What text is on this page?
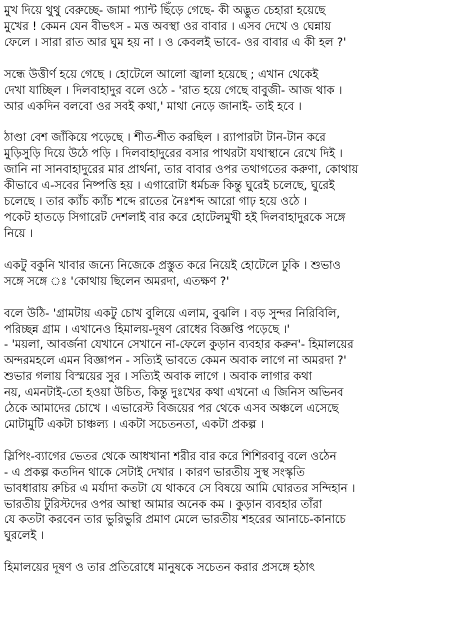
মুখ দিয়ে থুথু বেরুচ্ছে- জামা প্যান্ট ছিঁড়ে গেছে- কী অদ্ভুত চেহারা হয়েছে
মুখের ! কেমন যেন বীভৎস - মত্ত অবস্থা ওর বাবার । এসব দেখে ও ঘেন্নায়
ফেলে । সারা রাত আর ঘুম হয় না । ও কেবলই ভাবে- ওর বাবার এ কী হল ?'

সন্ধে উত্তীর্ণ হয়ে গেছে । হোটেলে আলো জ্বালা হয়েছে ; এখান থেকেই
দেখা যাচ্ছিল । দিলবাহাদুর বলে ওঠে - 'রাত হয়ে গেছে বাবুজী- আজ থাক ।
আর একদিন বলবো ওর সবই কথা,' মাথা নেড়ে জানাই- তাই হবে ।

ঠাণ্ডা বেশ জাঁকিয়ে পড়েছে । শীত-শীত করছিল । র‍্যাপারটা টান-টান করে
মুড়িসুড়ি দিয়ে উঠে পড়ি । দিলবাহাদুরের বসার পাথরটা যথাস্থানে রেখে দিই ।
জানি না সানবাহাদুরের মার প্রার্থনা, তার বাবার ওপর তথাগতের করুণা, কোথায়
কীভাবে এ-সবের নিষ্পত্তি হয় । এগারোটা ধর্মচক্র কিন্তু ঘুরেই চলেছে, ঘুরেই
চলেছে । তার ক্যাঁচ ক্যাঁচ শব্দে রাতের নৈঃশব্দ আরো গাঢ় হয়ে ওঠে ।
পকেট হাতড়ে সিগারেট দেশলাই বার করে হোটেলমুখী হই দিলবাহাদুরকে সঙ্গে
নিয়ে ।

একটু বকুনি খাবার জন্যে নিজেকে প্রস্তুত করে নিয়েই হোটেলে ঢুকি । শুভাও
সঙ্গে সঙ্গে ঃ 'কোথায় ছিলেন অমরদা, এতক্ষণ ?'

বলে উঠি- 'গ্রামটায় একটু চোখ বুলিয়ে এলাম, বুঝলি । বড় সুন্দর নিরিবিলি,
পরিচ্ছন্ন গ্রাম । এখানেও হিমালয়-দূষণ রোধের বিজ্ঞপ্তি পড়েছে ।'
- 'ময়লা, আবর্জনা যেখানে সেখানে না-ফেলে কুড়ান ব্যবহার করুন'- হিমালয়ের
অন্দরমহলে এমন বিজ্ঞাপন - সত্যিই ভাবতে কেমন অবাক লাগে না অমরদা ?'
শুভার গলায় বিস্ময়ের সুর । সত্যিই অবাক লাগে । অবাক লাগার কথা
নয়, এমনটাই-তো হওয়া উচিত, কিন্তু দুঃখের কথা এখনো এ জিনিস অভিনব
ঠেকে আমাদের চোখে । এভারেস্ট বিজয়ের পর থেকে এসব অঞ্চলে এসেছে
মোটামুটি একটা চাঞ্চল্য । একটা সচেতনতা, একটা প্রকল্প ।

স্লিপিং-ব্যাগের ভেতর থেকে আধখানা শরীর বার করে শিশিরবাবু বলে ওঠেন
- এ প্রকল্প কতদিন থাকে সেটাই দেখার । কারণ ভারতীয় সুস্থ সংস্কৃতি
ভাবধারায় রুচির এ মর্যাদা কতটা যে থাকবে সে বিষয়ে আমি ঘোরতর সন্দিহান ।
ভারতীয় টুরিস্টদের ওপর আস্থা আমার অনেক কম । কুড়ান ব্যবহার তাঁরা
যে কতটা করবেন তার ভুরিভুরি প্রমাণ মেলে ভারতীয় শহরের আনাচে-কানাচে
ঘুরলেই ।

হিমালয়ের দূষণ ও তার প্রতিরোধে মানুষকে সচেতন করার প্রসঙ্গে হঠাৎ
